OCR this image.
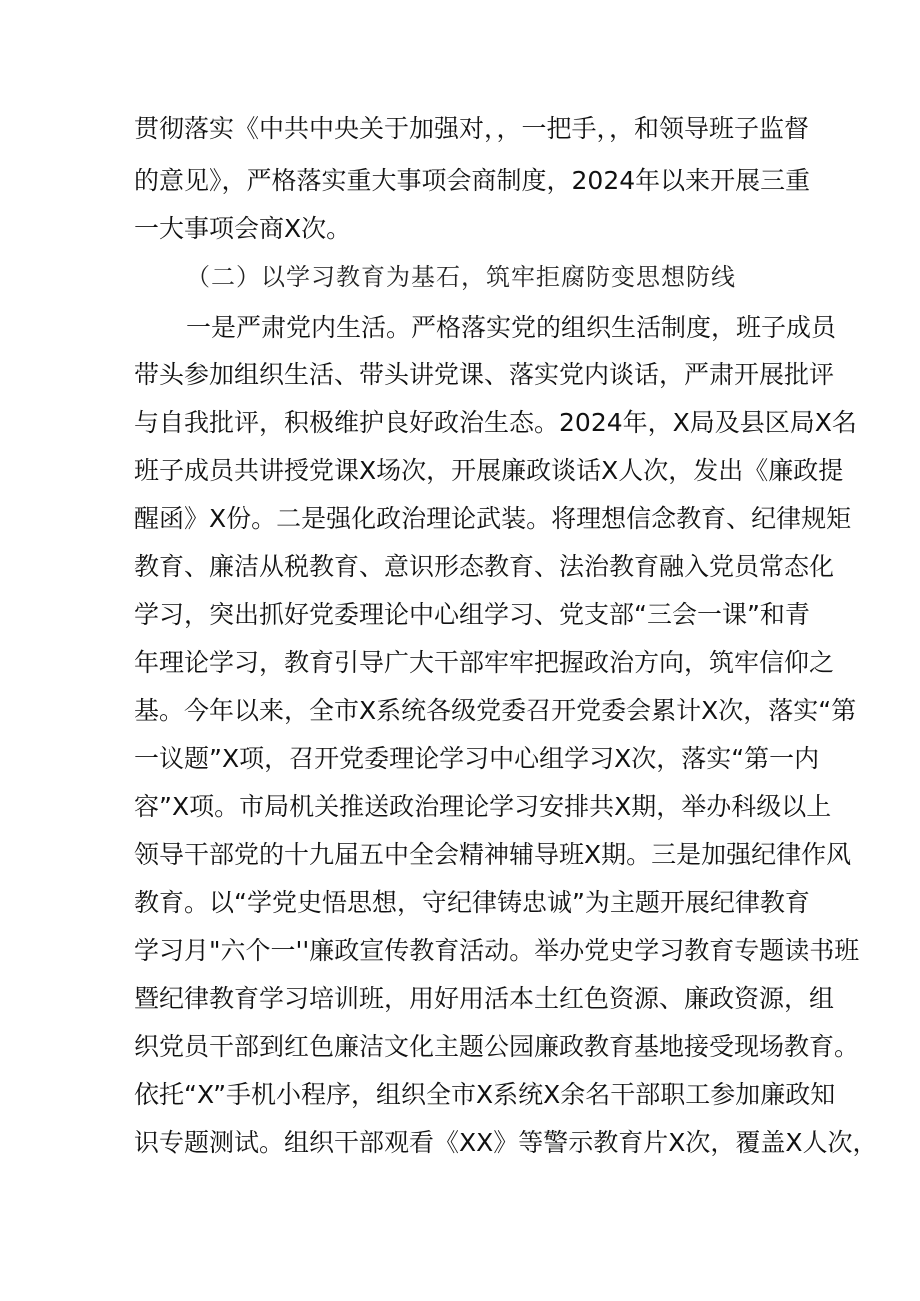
贯彻落实《中共中央关于加强对，，一把手，，和领导班子监督
的意见》，严格落实重大事项会商制度，2024年以来开展三重
一大事项会商X次。
（二）以学习教育为基石，筑牢拒腐防变思想防线
一是严肃党内生活。严格落实党的组织生活制度，班子成员
带头参加组织生活、带头讲党课、落实党内谈话，严肃开展批评
与自我批评，积极维护良好政治生态。2024年，X局及县区局X名
班子成员共讲授党课X场次，开展廉政谈话X人次，发出《廉政提
醒函》X份。二是强化政治理论武装。将理想信念教育、纪律规矩
教育、廉洁从税教育、意识形态教育、法治教育融入党员常态化
学习，突出抓好党委理论中心组学习、党支部“三会一课”和青
年理论学习，教育引导广大干部牢牢把握政治方向，筑牢信仰之
基。今年以来，全市X系统各级党委召开党委会累计X次，落实“第
一议题”X项，召开党委理论学习中心组学习X次，落实“第一内
容”X项。市局机关推送政治理论学习安排共X期，举办科级以上
领导干部党的十九届五中全会精神辅导班X期。三是加强纪律作风
教育。以“学党史悟思想，守纪律铸忠诚”为主题开展纪律教育
学习月"六个一''廉政宣传教育活动。举办党史学习教育专题读书班
暨纪律教育学习培训班，用好用活本土红色资源、廉政资源，组
织党员干部到红色廉洁文化主题公园廉政教育基地接受现场教育。
依托“X”手机小程序，组织全市X系统X余名干部职工参加廉政知
识专题测试。组织干部观看《XX》等警示教育片X次，覆盖X人次，
